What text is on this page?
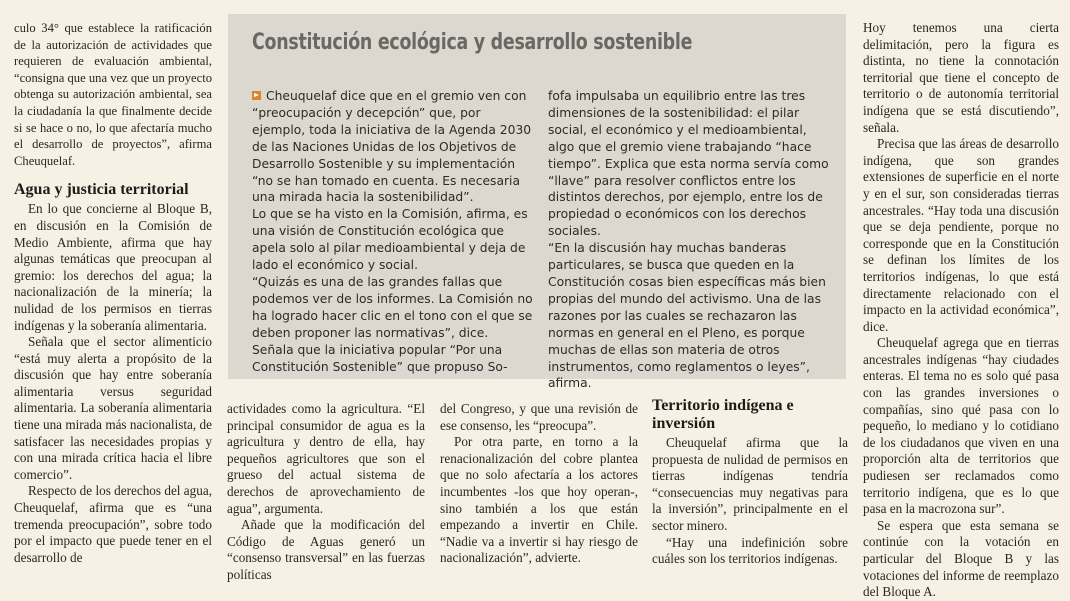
culo 34° que establece la ratificación de la autorización de actividades que requieren de evaluación ambiental, “consigna que una vez que un proyecto obtenga su autorización ambiental, sea la ciudadanía la que finalmente decide si se hace o no, lo que afectaría mucho el desarrollo de proyectos”, afirma Cheuquelaf.

Agua y justicia territorial

En lo que concierne al Bloque B, en discusión en la Comisión de Medio Ambiente, afirma que hay algunas temáticas que preocupan al gremio: los derechos del agua; la nacionalización de la minería; la nulidad de los permisos en tierras indígenas y la soberanía alimentaria.

Señala que el sector alimenticio “está muy alerta a propósito de la discusión que hay entre soberanía alimentaria versus seguridad alimentaria. La soberanía alimentaria tiene una mirada más nacionalista, de satisfacer las necesidades propias y con una mirada crítica hacia el libre comercio”.

Respecto de los derechos del agua, Cheuquelaf, afirma que es “una tremenda preocupación”, sobre todo por el impacto que puede tener en el desarrollo de

Constitución ecológica y desarrollo sostenible

Cheuquelaf dice que en el gremio ven con “preocupación y decepción” que, por ejemplo, toda la iniciativa de la Agenda 2030 de las Naciones Unidas de los Objetivos de Desarrollo Sostenible y su implementación “no se han tomado en cuenta. Es necesaria una mirada hacia la sostenibilidad”.

Lo que se ha visto en la Comisión, afirma, es una visión de Constitución ecológica que apela solo al pilar medioambiental y deja de lado el económico y social.

“Quizás es una de las grandes fallas que podemos ver de los informes. La Comisión no ha logrado hacer clic en el tono con el que se deben proponer las normativas”, dice.

Señala que la iniciativa popular “Por una Constitución Sostenible” que propuso So-

fofa impulsaba un equilibrio entre las tres dimensiones de la sostenibilidad: el pilar social, el económico y el medioambiental, algo que el gremio viene trabajando “hace tiempo”. Explica que esta norma servía como “llave” para resolver conflictos entre los distintos derechos, por ejemplo, entre los de propiedad o económicos con los derechos sociales.

“En la discusión hay muchas banderas particulares, se busca que queden en la Constitución cosas bien específicas más bien propias del mundo del activismo. Una de las razones por las cuales se rechazaron las normas en general en el Pleno, es porque muchas de ellas son materia de otros instrumentos, como reglamentos o leyes”, afirma.

actividades como la agricultura. “El principal consumidor de agua es la agricultura y dentro de ella, hay pequeños agricultores que son el grueso del actual sistema de derechos de aprovechamiento de agua”, argumenta.

Añade que la modificación del Código de Aguas generó un “consenso transversal” en las fuerzas políticas

del Congreso, y que una revisión de ese consenso, les “preocupa”.

Por otra parte, en torno a la renacionalización del cobre plantea que no solo afectaría a los actores incumbentes -los que hoy operan-, sino también a los que están empezando a invertir en Chile. “Nadie va a invertir si hay riesgo de nacionalización”, advierte.

Territorio indígena e inversión

Cheuquelaf afirma que la propuesta de nulidad de permisos en tierras indígenas tendría “consecuencias muy negativas para la inversión”, principalmente en el sector minero.

“Hay una indefinición sobre cuáles son los territorios indígenas.

Hoy tenemos una cierta delimitación, pero la figura es distinta, no tiene la connotación territorial que tiene el concepto de territorio o de autonomía territorial indígena que se está discutiendo”, señala.

Precisa que las áreas de desarrollo indígena, que son grandes extensiones de superficie en el norte y en el sur, son consideradas tierras ancestrales. “Hay toda una discusión que se deja pendiente, porque no corresponde que en la Constitución se definan los límites de los territorios indígenas, lo que está directamente relacionado con el impacto en la actividad económica”, dice.

Cheuquelaf agrega que en tierras ancestrales indígenas “hay ciudades enteras. El tema no es solo qué pasa con las grandes inversiones o compañías, sino qué pasa con lo pequeño, lo mediano y lo cotidiano de los ciudadanos que viven en una proporción alta de territorios que pudiesen ser reclamados como territorio indígena, que es lo que pasa en la macrozona sur”.

Se espera que esta semana se continúe con la votación en particular del Bloque B y las votaciones del informe de reemplazo del Bloque A.
